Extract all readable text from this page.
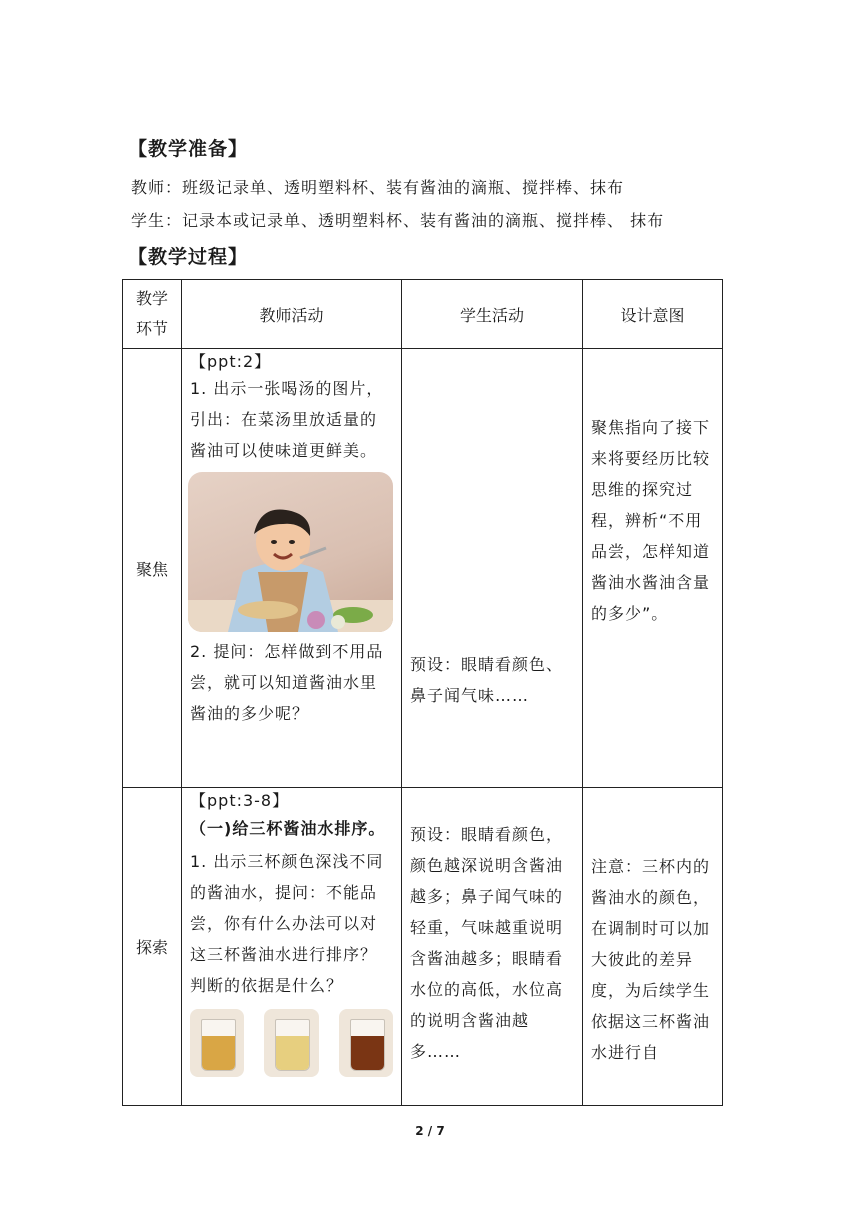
【教学准备】
教师：班级记录单、透明塑料杯、装有酱油的滴瓶、搅拌棒、抹布
学生：记录本或记录单、透明塑料杯、装有酱油的滴瓶、搅拌棒、 抹布
【教学过程】
教学
环节	教师活动	学生活动	设计意图
聚焦	【ppt:2】
1. 出示一张喝汤的图片，引出：在菜汤里放适量的酱油可以使味道更鲜美。
2. 提问：怎样做到不用品尝，就可以知道酱油水里酱油的多少呢？	预设：眼睛看颜色、鼻子闻气味……	聚焦指向了接下来将要经历比较思维的探究过程，辨析“不用品尝，怎样知道酱油水酱油含量的多少”。

探索	【ppt:3-8】
（一)给三杯酱油水排序。
1. 出示三杯颜色深浅不同的酱油水，提问：不能品尝，你有什么办法可以对这三杯酱油水进行排序？判断的依据是什么？	预设：眼睛看颜色，颜色越深说明含酱油越多；鼻子闻气味的轻重，气味越重说明含酱油越多；眼睛看水位的高低，水位高的说明含酱油越多……	注意：三杯内的酱油水的颜色，在调制时可以加大彼此的差异度，为后续学生依据这三杯酱油水进行自
2 / 7
